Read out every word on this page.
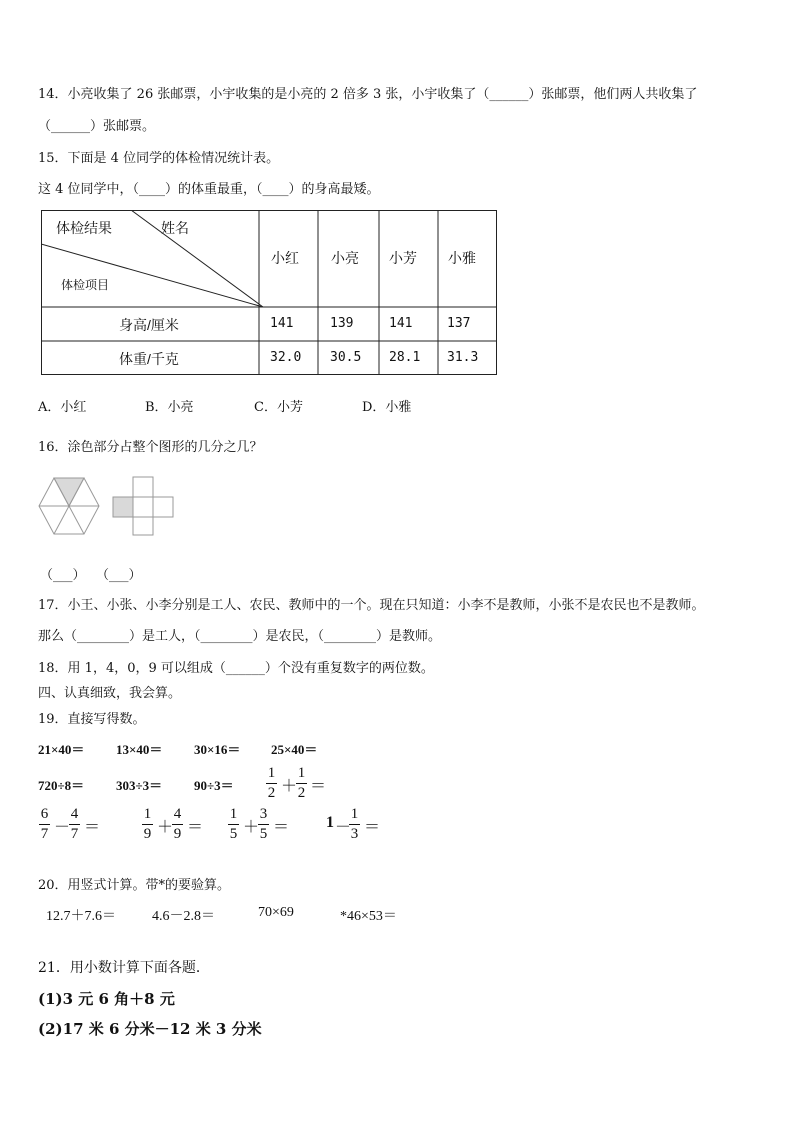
14．小亮收集了 26 张邮票，小宇收集的是小亮的 2 倍多 3 张，小宇收集了（______）张邮票，他们两人共收集了
（______）张邮票。
15．下面是 4 位同学的体检情况统计表。
这 4 位同学中，（____）的体重最重，（____）的身高最矮。
体检结果	姓名
体检项目
小红 小亮 小芳 小雅
身高/厘米	141	139	141	137
体重/千克	32.0 30.5 28.1 31.3
A．小红	B．小亮	C．小芳	D．小雅
16．涂色部分占整个图形的几分之几？
（___） （___）
17．小王、小张、小李分别是工人、农民、教师中的一个。现在只知道：小李不是教师，小张不是农民也不是教师。
那么（________）是工人，（________）是农民，（________）是教师。
18．用 1，4，0，9 可以组成（______）个没有重复数字的两位数。
四、认真细致，我会算。
19．直接写得数。
21×40＝ 13×40＝ 30×16＝ 25×40＝
720÷8＝ 303÷3＝ 90÷3＝
1
2 ＋
1
2 ＝
6
7 －
4
7 ＝
1
9 ＋
4
9 ＝
1
5 ＋
3
5 ＝ 1 －
1
3 ＝
20．用竖式计算。带*的要验算。
12.7＋7.6＝	4.6－2.8＝	70×69	*46×53＝
21．用小数计算下面各题．
(1)3 元 6 角＋8 元
(2)17 米 6 分米－12 米 3 分米
